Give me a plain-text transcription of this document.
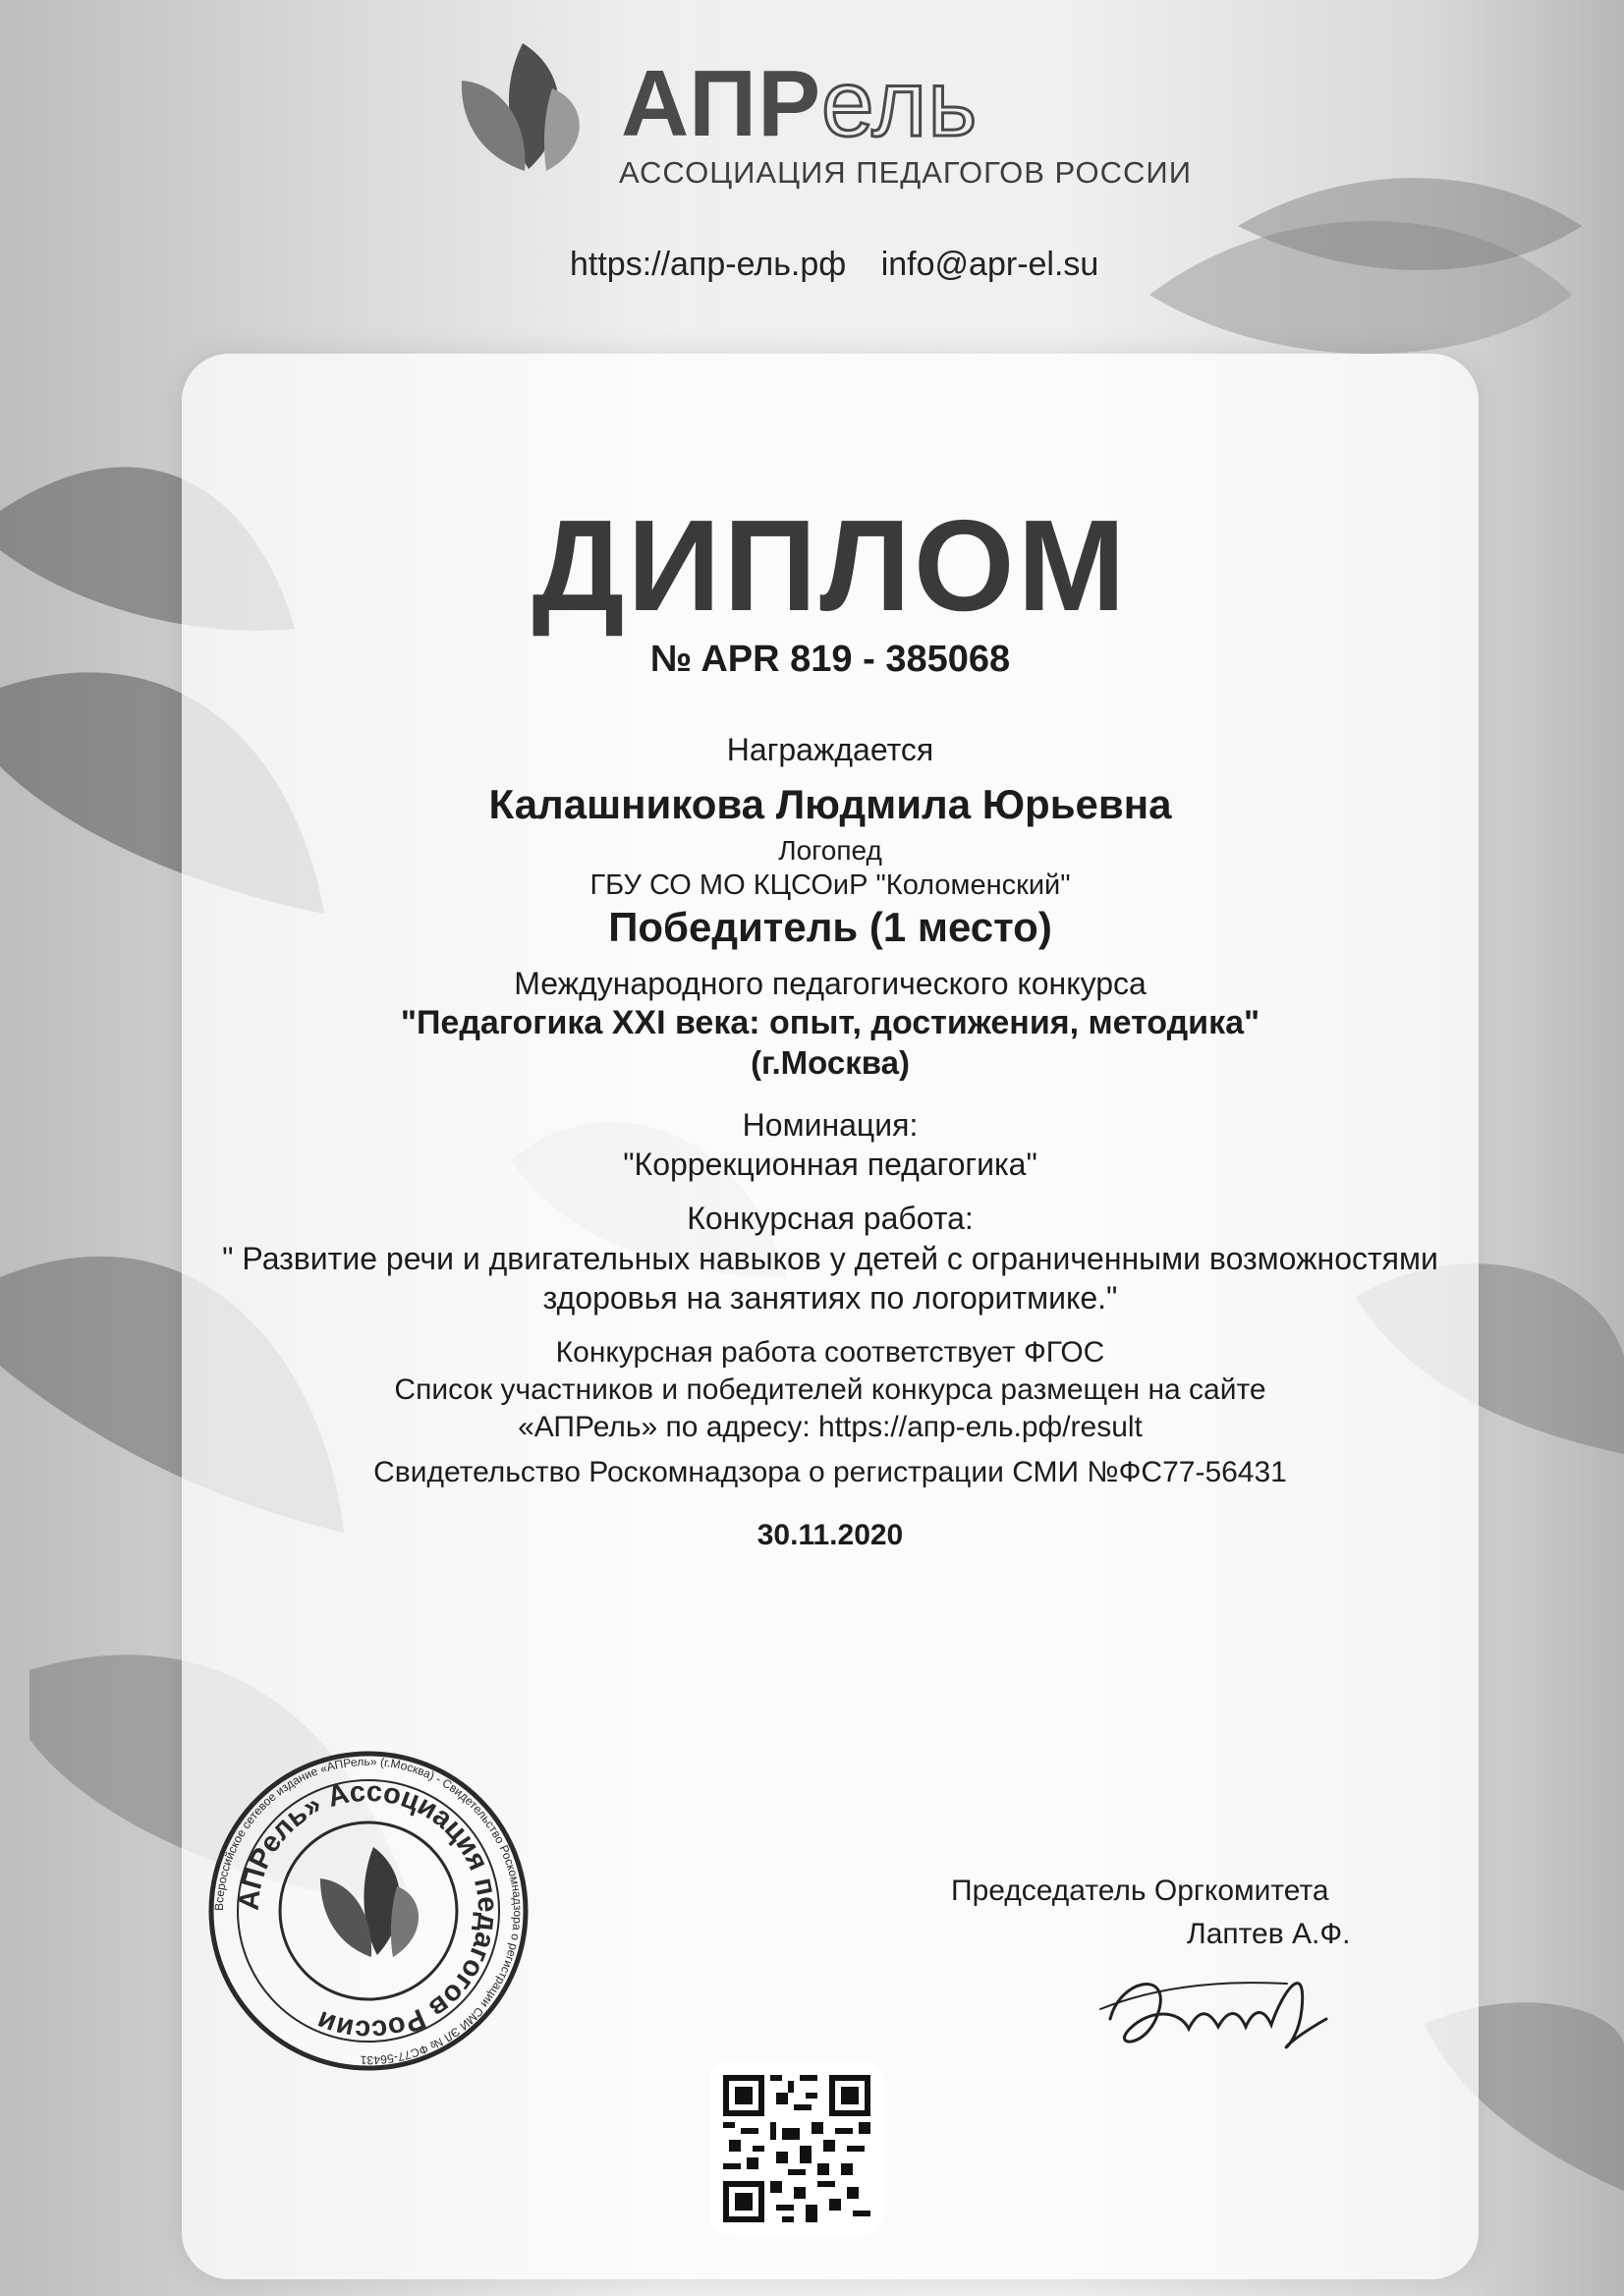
АПРель
АССОЦИАЦИЯ ПЕДАГОГОВ РОССИИ
https://апр-ель.рф info@apr-el.su
ДИПЛОМ
№ APR 819 - 385068
Награждается
Калашникова Людмила Юрьевна
Логопед
ГБУ СО МО КЦСОиР "Коломенский"
Победитель (1 место)
Международного педагогического конкурса
"Педагогика XXI века: опыт, достижения, методика"
(г.Москва)
Номинация:
"Коррекционная педагогика"
Конкурсная работа:
" Развитие речи и двигательных навыков у детей с ограниченными возможностями здоровья на занятиях по логоритмике."
Конкурсная работа соответствует ФГОС
Список участников и победителей конкурса размещен на сайте
«АПРель» по адресу: https://апр-ель.рф/result
Свидетельство Роскомнадзора о регистрации СМИ №ФС77-56431
30.11.2020
Всероссийское сетевое издание «АПРель» (г.Москва) - Свидетельство Роскомнадзора о регистрации СМИ ЭЛ № ФС77-56431
АПРель» Ассоциация педагогов России
Председатель Оргкомитета
Лаптев А.Ф.
